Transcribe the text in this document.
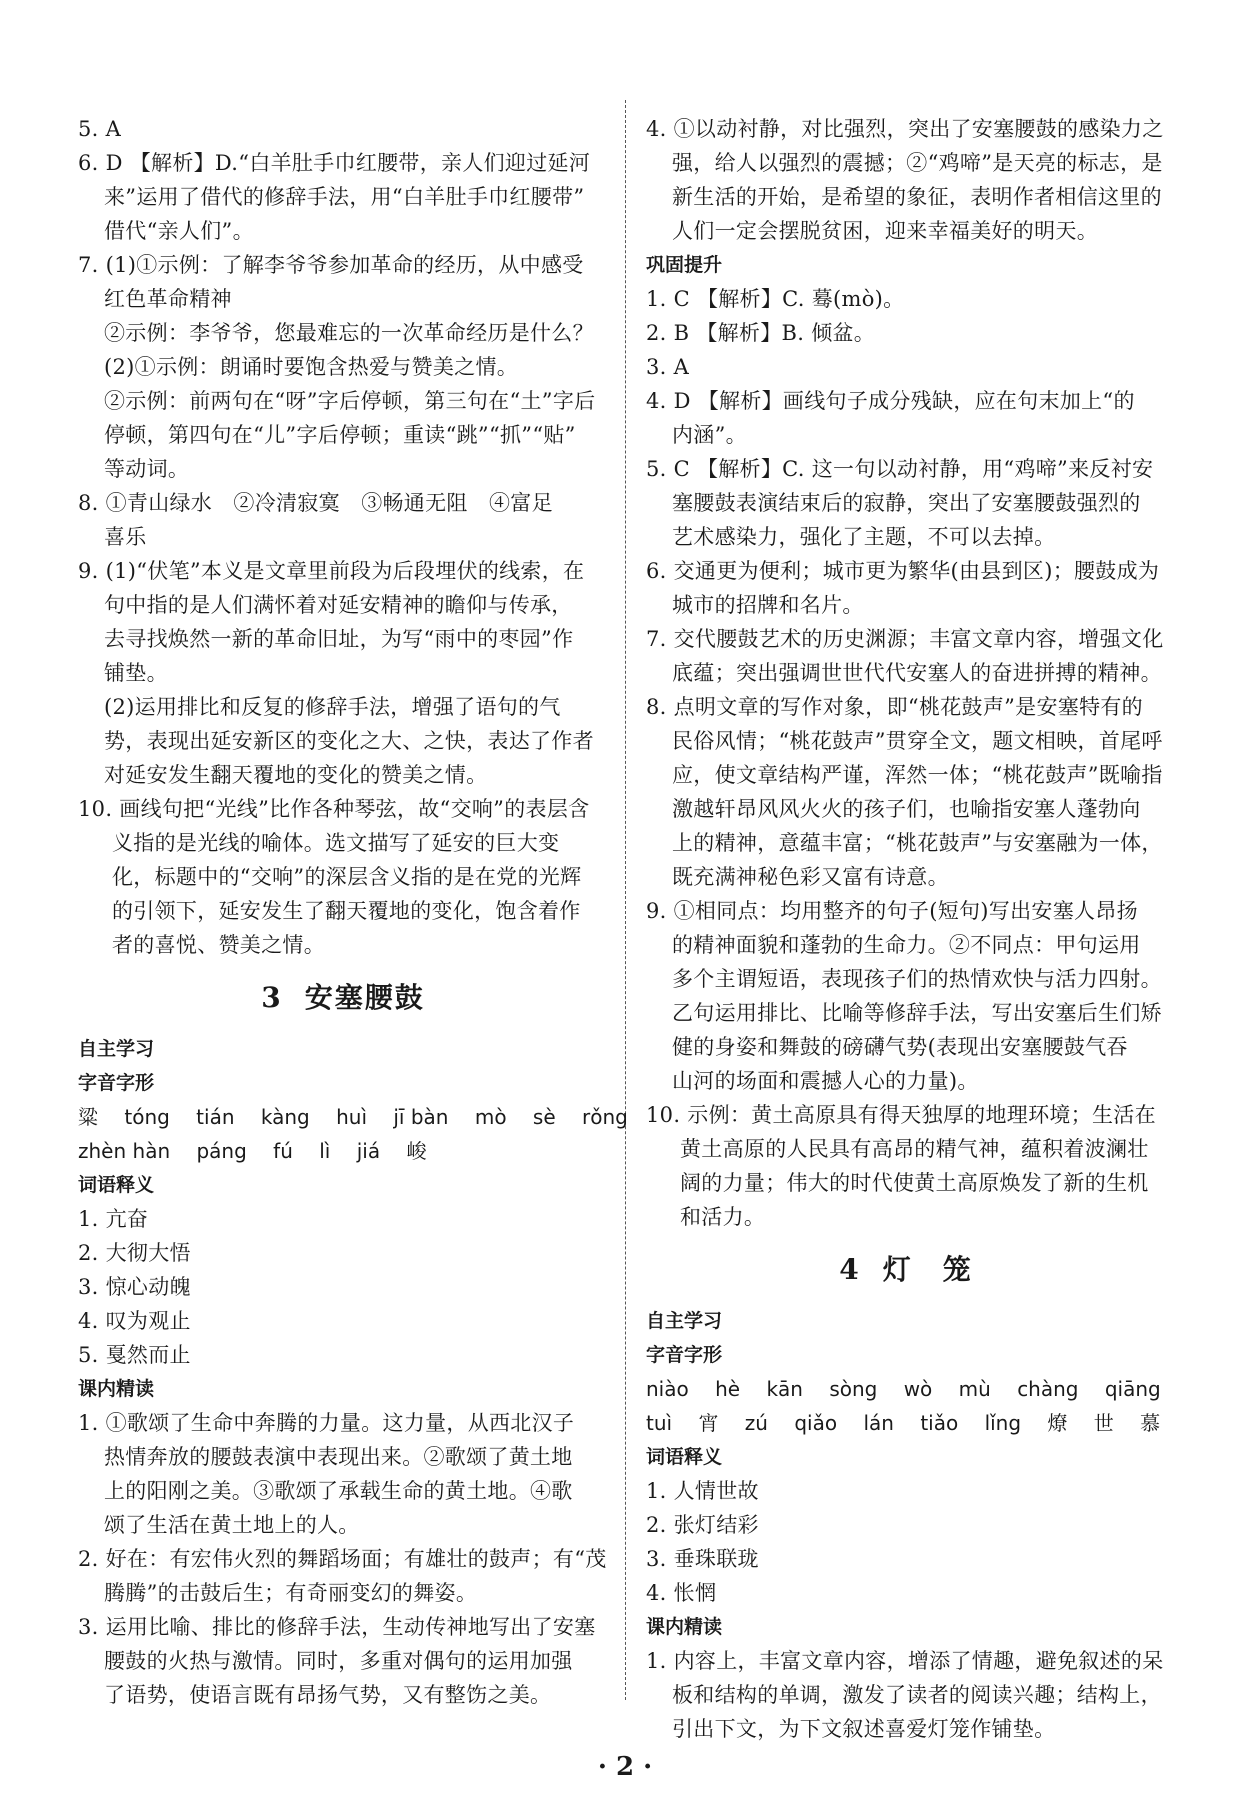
5. A
6. D 【解析】D.“白羊肚手巾红腰带，亲人们迎过延河
来”运用了借代的修辞手法，用“白羊肚手巾红腰带”
借代“亲人们”。
7. (1)①示例：了解李爷爷参加革命的经历，从中感受
红色革命精神
②示例：李爷爷，您最难忘的一次革命经历是什么？
(2)①示例：朗诵时要饱含热爱与赞美之情。
②示例：前两句在“呀”字后停顿，第三句在“土”字后
停顿，第四句在“儿”字后停顿；重读“跳”“抓”“贴”
等动词。
8. ①青山绿水　②冷清寂寞　③畅通无阻　④富足
喜乐
9. (1)“伏笔”本义是文章里前段为后段埋伏的线索，在
句中指的是人们满怀着对延安精神的瞻仰与传承，
去寻找焕然一新的革命旧址，为写“雨中的枣园”作
铺垫。
(2)运用排比和反复的修辞手法，增强了语句的气
势，表现出延安新区的变化之大、之快，表达了作者
对延安发生翻天覆地的变化的赞美之情。
10. 画线句把“光线”比作各种琴弦，故“交响”的表层含
义指的是光线的喻体。选文描写了延安的巨大变
化，标题中的“交响”的深层含义指的是在党的光辉
的引领下，延安发生了翻天覆地的变化，饱含着作
者的喜悦、赞美之情。
3 安塞腰鼓
自主学习
字音字形
粱 tóng tián kàng huì jī bàn mò sè rǒng
zhèn hàn páng fú lì jiá 峻
词语释义
1. 亢奋
2. 大彻大悟
3. 惊心动魄
4. 叹为观止
5. 戛然而止
课内精读
1. ①歌颂了生命中奔腾的力量。这力量，从西北汉子
热情奔放的腰鼓表演中表现出来。②歌颂了黄土地
上的阳刚之美。③歌颂了承载生命的黄土地。④歌
颂了生活在黄土地上的人。
2. 好在：有宏伟火烈的舞蹈场面；有雄壮的鼓声；有“茂
腾腾”的击鼓后生；有奇丽变幻的舞姿。
3. 运用比喻、排比的修辞手法，生动传神地写出了安塞
腰鼓的火热与激情。同时，多重对偶句的运用加强
了语势，使语言既有昂扬气势，又有整饬之美。
4. ①以动衬静，对比强烈，突出了安塞腰鼓的感染力之
强，给人以强烈的震撼；②“鸡啼”是天亮的标志，是
新生活的开始，是希望的象征，表明作者相信这里的
人们一定会摆脱贫困，迎来幸福美好的明天。
巩固提升
1. C 【解析】C. 蓦(mò)。
2. B 【解析】B. 倾盆。
3. A
4. D 【解析】画线句子成分残缺，应在句末加上“的
内涵”。
5. C 【解析】C. 这一句以动衬静，用“鸡啼”来反衬安
塞腰鼓表演结束后的寂静，突出了安塞腰鼓强烈的
艺术感染力，强化了主题，不可以去掉。
6. 交通更为便利；城市更为繁华(由县到区)；腰鼓成为
城市的招牌和名片。
7. 交代腰鼓艺术的历史渊源；丰富文章内容，增强文化
底蕴；突出强调世世代代安塞人的奋进拼搏的精神。
8. 点明文章的写作对象，即“桃花鼓声”是安塞特有的
民俗风情；“桃花鼓声”贯穿全文，题文相映，首尾呼
应，使文章结构严谨，浑然一体；“桃花鼓声”既喻指
激越轩昂风风火火的孩子们，也喻指安塞人蓬勃向
上的精神，意蕴丰富；“桃花鼓声”与安塞融为一体，
既充满神秘色彩又富有诗意。
9. ①相同点：均用整齐的句子(短句)写出安塞人昂扬
的精神面貌和蓬勃的生命力。②不同点：甲句运用
多个主谓短语，表现孩子们的热情欢快与活力四射。
乙句运用排比、比喻等修辞手法，写出安塞后生们矫
健的身姿和舞鼓的磅礴气势(表现出安塞腰鼓气吞
山河的场面和震撼人心的力量)。
10. 示例：黄土高原具有得天独厚的地理环境；生活在
黄土高原的人民具有高昂的精气神，蕴积着波澜壮
阔的力量；伟大的时代使黄土高原焕发了新的生机
和活力。
4 灯　笼
自主学习
字音字形
niào hè kān sòng wò mù chàng qiāng
tuì 宵 zú qiǎo lán tiǎo lǐng 燎 世 慕
词语释义
1. 人情世故
2. 张灯结彩
3. 垂珠联珑
4. 怅惘
课内精读
1. 内容上，丰富文章内容，增添了情趣，避免叙述的呆
板和结构的单调，激发了读者的阅读兴趣；结构上，
引出下文，为下文叙述喜爱灯笼作铺垫。
· 2 ·
